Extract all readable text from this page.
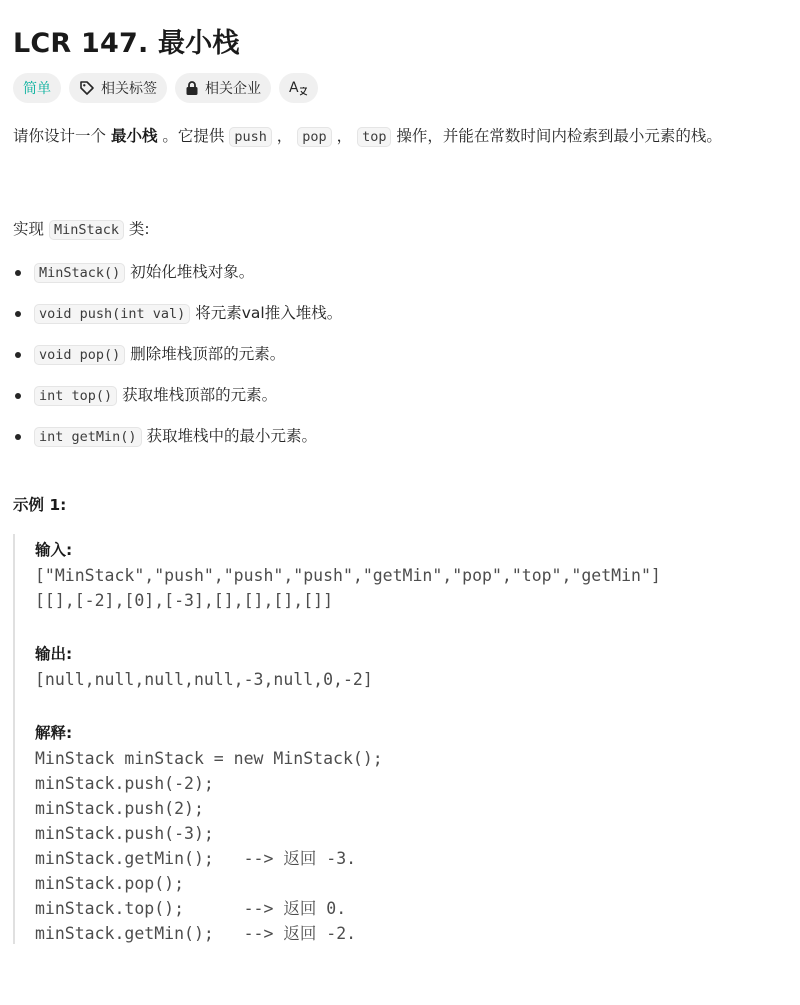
LCR 147. 最小栈
简单	相关标签	相关企业 A
请你设计一个 最小栈 。它提供 push ， pop ， top 操作，并能在常数时间内检索到最小元素的栈。
实现 MinStack 类:
MinStack() 初始化堆栈对象。
void push(int val) 将元素val推入堆栈。
void pop() 删除堆栈顶部的元素。
int top() 获取堆栈顶部的元素。
int getMin() 获取堆栈中的最小元素。
示例 1:
输入:
["MinStack","push","push","push","getMin","pop","top","getMin"]
[[],[-2],[0],[-3],[],[],[],[]]
输出:
[null,null,null,null,-3,null,0,-2]
解释:
MinStack minStack = new MinStack();
minStack.push(-2);
minStack.push(2);
minStack.push(-3);
minStack.getMin();   --> 返回 -3.
minStack.pop();
minStack.top();      --> 返回 0.
minStack.getMin();   --> 返回 -2.
